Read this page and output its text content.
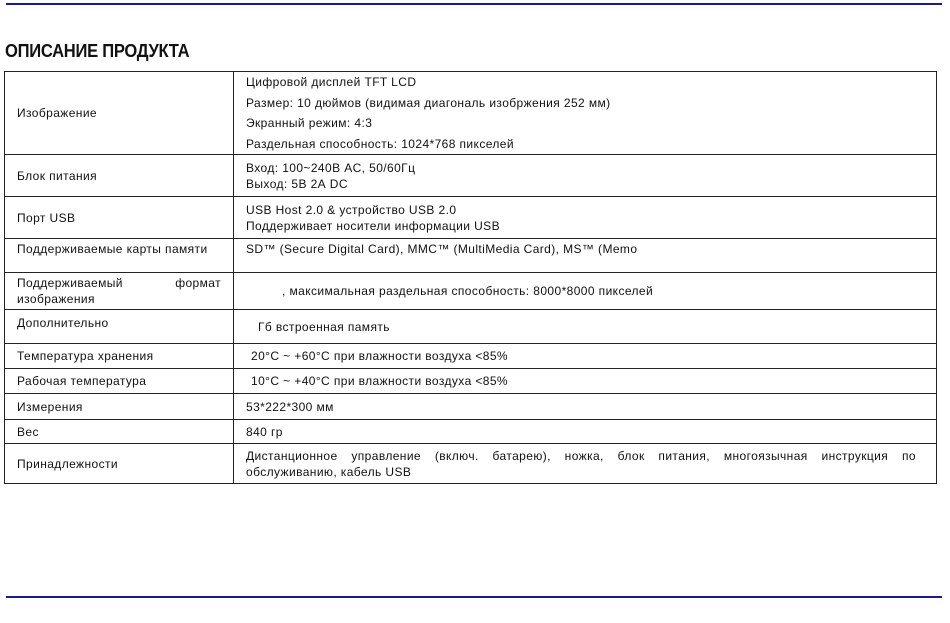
ОПИСАНИЕ ПРОДУКТА
Изображение	Цифровой дисплей TFT LCD
Размер: 10 дюймов (видимая диагональ изобржения 252 мм)
Экранный режим: 4:3
Раздельная способность: 1024*768 пикселей

Блок питания	Вход: 100~240В AC, 50/60Гц
Выход: 5В 2А DC

Порт USB	USB Host 2.0 & устройство USB 2.0
Поддерживает носители информации USB

Поддерживаемые карты памяти	SD™ (Secure Digital Card), MMC™ (MultiMedia Card), MS™ (Memo

Поддерживаемый формат изображения	, максимальная раздельная способность: 8000*8000 пикселей

Дополнительно	Гб встроенная память

Температура хранения	20°C ~ +60°C при влажности воздуха <85%

Рабочая температура	10°C ~ +40°C при влажности воздуха <85%

Измерения	53*222*300 мм

Вес	840 гр

Принадлежности	Дистанционное управление (включ. батарею), ножка, блок питания, многоязычная инструкция по обслуживанию, кабель USB
